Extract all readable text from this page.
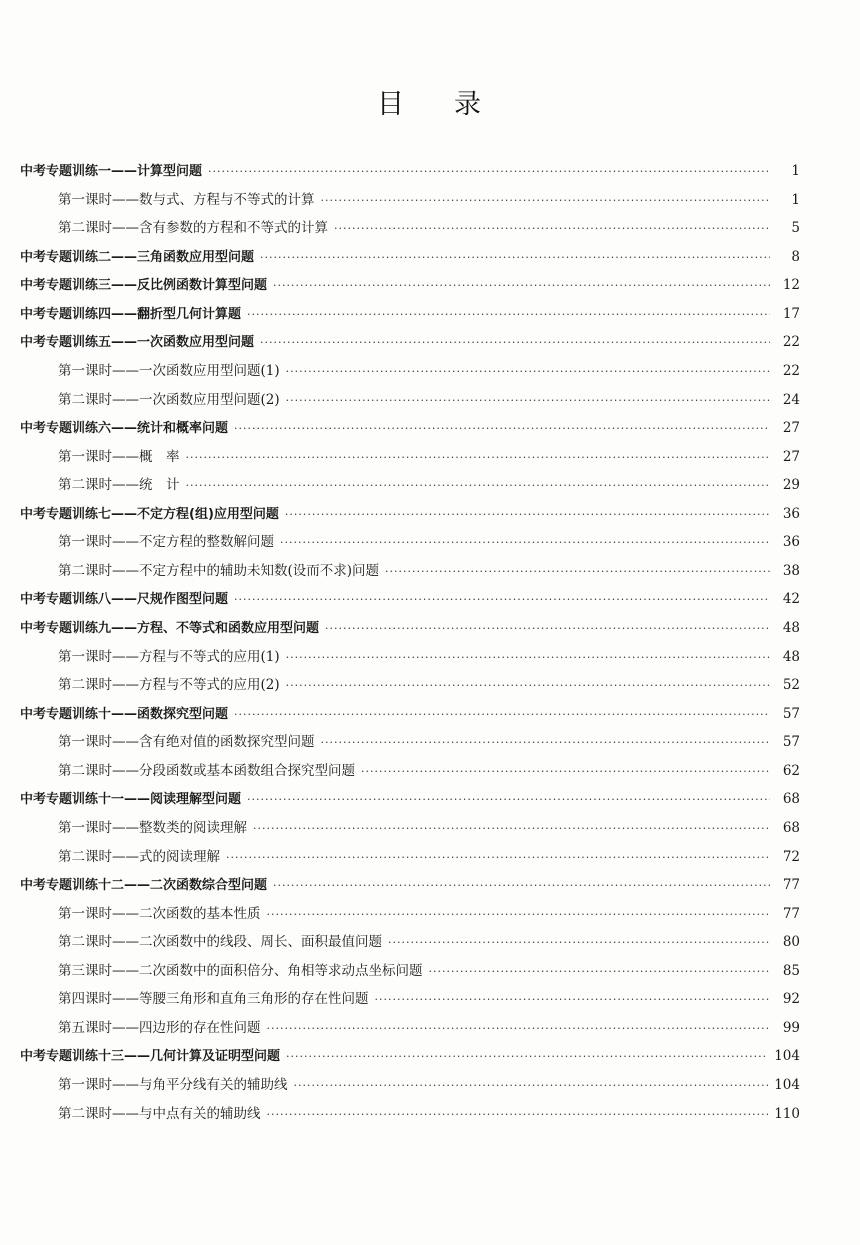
目 录
中考专题训练一——计算型问题 ·····	1
第一课时——数与式、方程与不等式的计算 ·····	1
第二课时——含有参数的方程和不等式的计算 ·····	5
中考专题训练二——三角函数应用型问题 ·····	8
中考专题训练三——反比例函数计算型问题 ·····	12
中考专题训练四——翻折型几何计算题 ·····	17
中考专题训练五——一次函数应用型问题 ·····	22
第一课时——一次函数应用型问题(1) ·····	22
第二课时——一次函数应用型问题(2) ·····	24
中考专题训练六——统计和概率问题 ·····	27
第一课时——概　率 ·····	27
第二课时——统　计 ·····	29
中考专题训练七——不定方程(组)应用型问题 ·····	36
第一课时——不定方程的整数解问题 ·····	36
第二课时——不定方程中的辅助未知数(设而不求)问题 ·····	38
中考专题训练八——尺规作图型问题 ·····	42
中考专题训练九——方程、不等式和函数应用型问题 ·····	48
第一课时——方程与不等式的应用(1) ·····	48
第二课时——方程与不等式的应用(2) ·····	52
中考专题训练十——函数探究型问题 ·····	57
第一课时——含有绝对值的函数探究型问题 ·····	57
第二课时——分段函数或基本函数组合探究型问题 ·····	62
中考专题训练十一——阅读理解型问题 ·····	68
第一课时——整数类的阅读理解 ·····	68
第二课时——式的阅读理解 ·····	72
中考专题训练十二——二次函数综合型问题 ·····	77
第一课时——二次函数的基本性质 ·····	77
第二课时——二次函数中的线段、周长、面积最值问题 ·····	80
第三课时——二次函数中的面积倍分、角相等求动点坐标问题 ·····	85
第四课时——等腰三角形和直角三角形的存在性问题 ·····	92
第五课时——四边形的存在性问题 ·····	99
中考专题训练十三——几何计算及证明型问题 ·····	104
第一课时——与角平分线有关的辅助线 ·····	104
第二课时——与中点有关的辅助线 ·····	110
